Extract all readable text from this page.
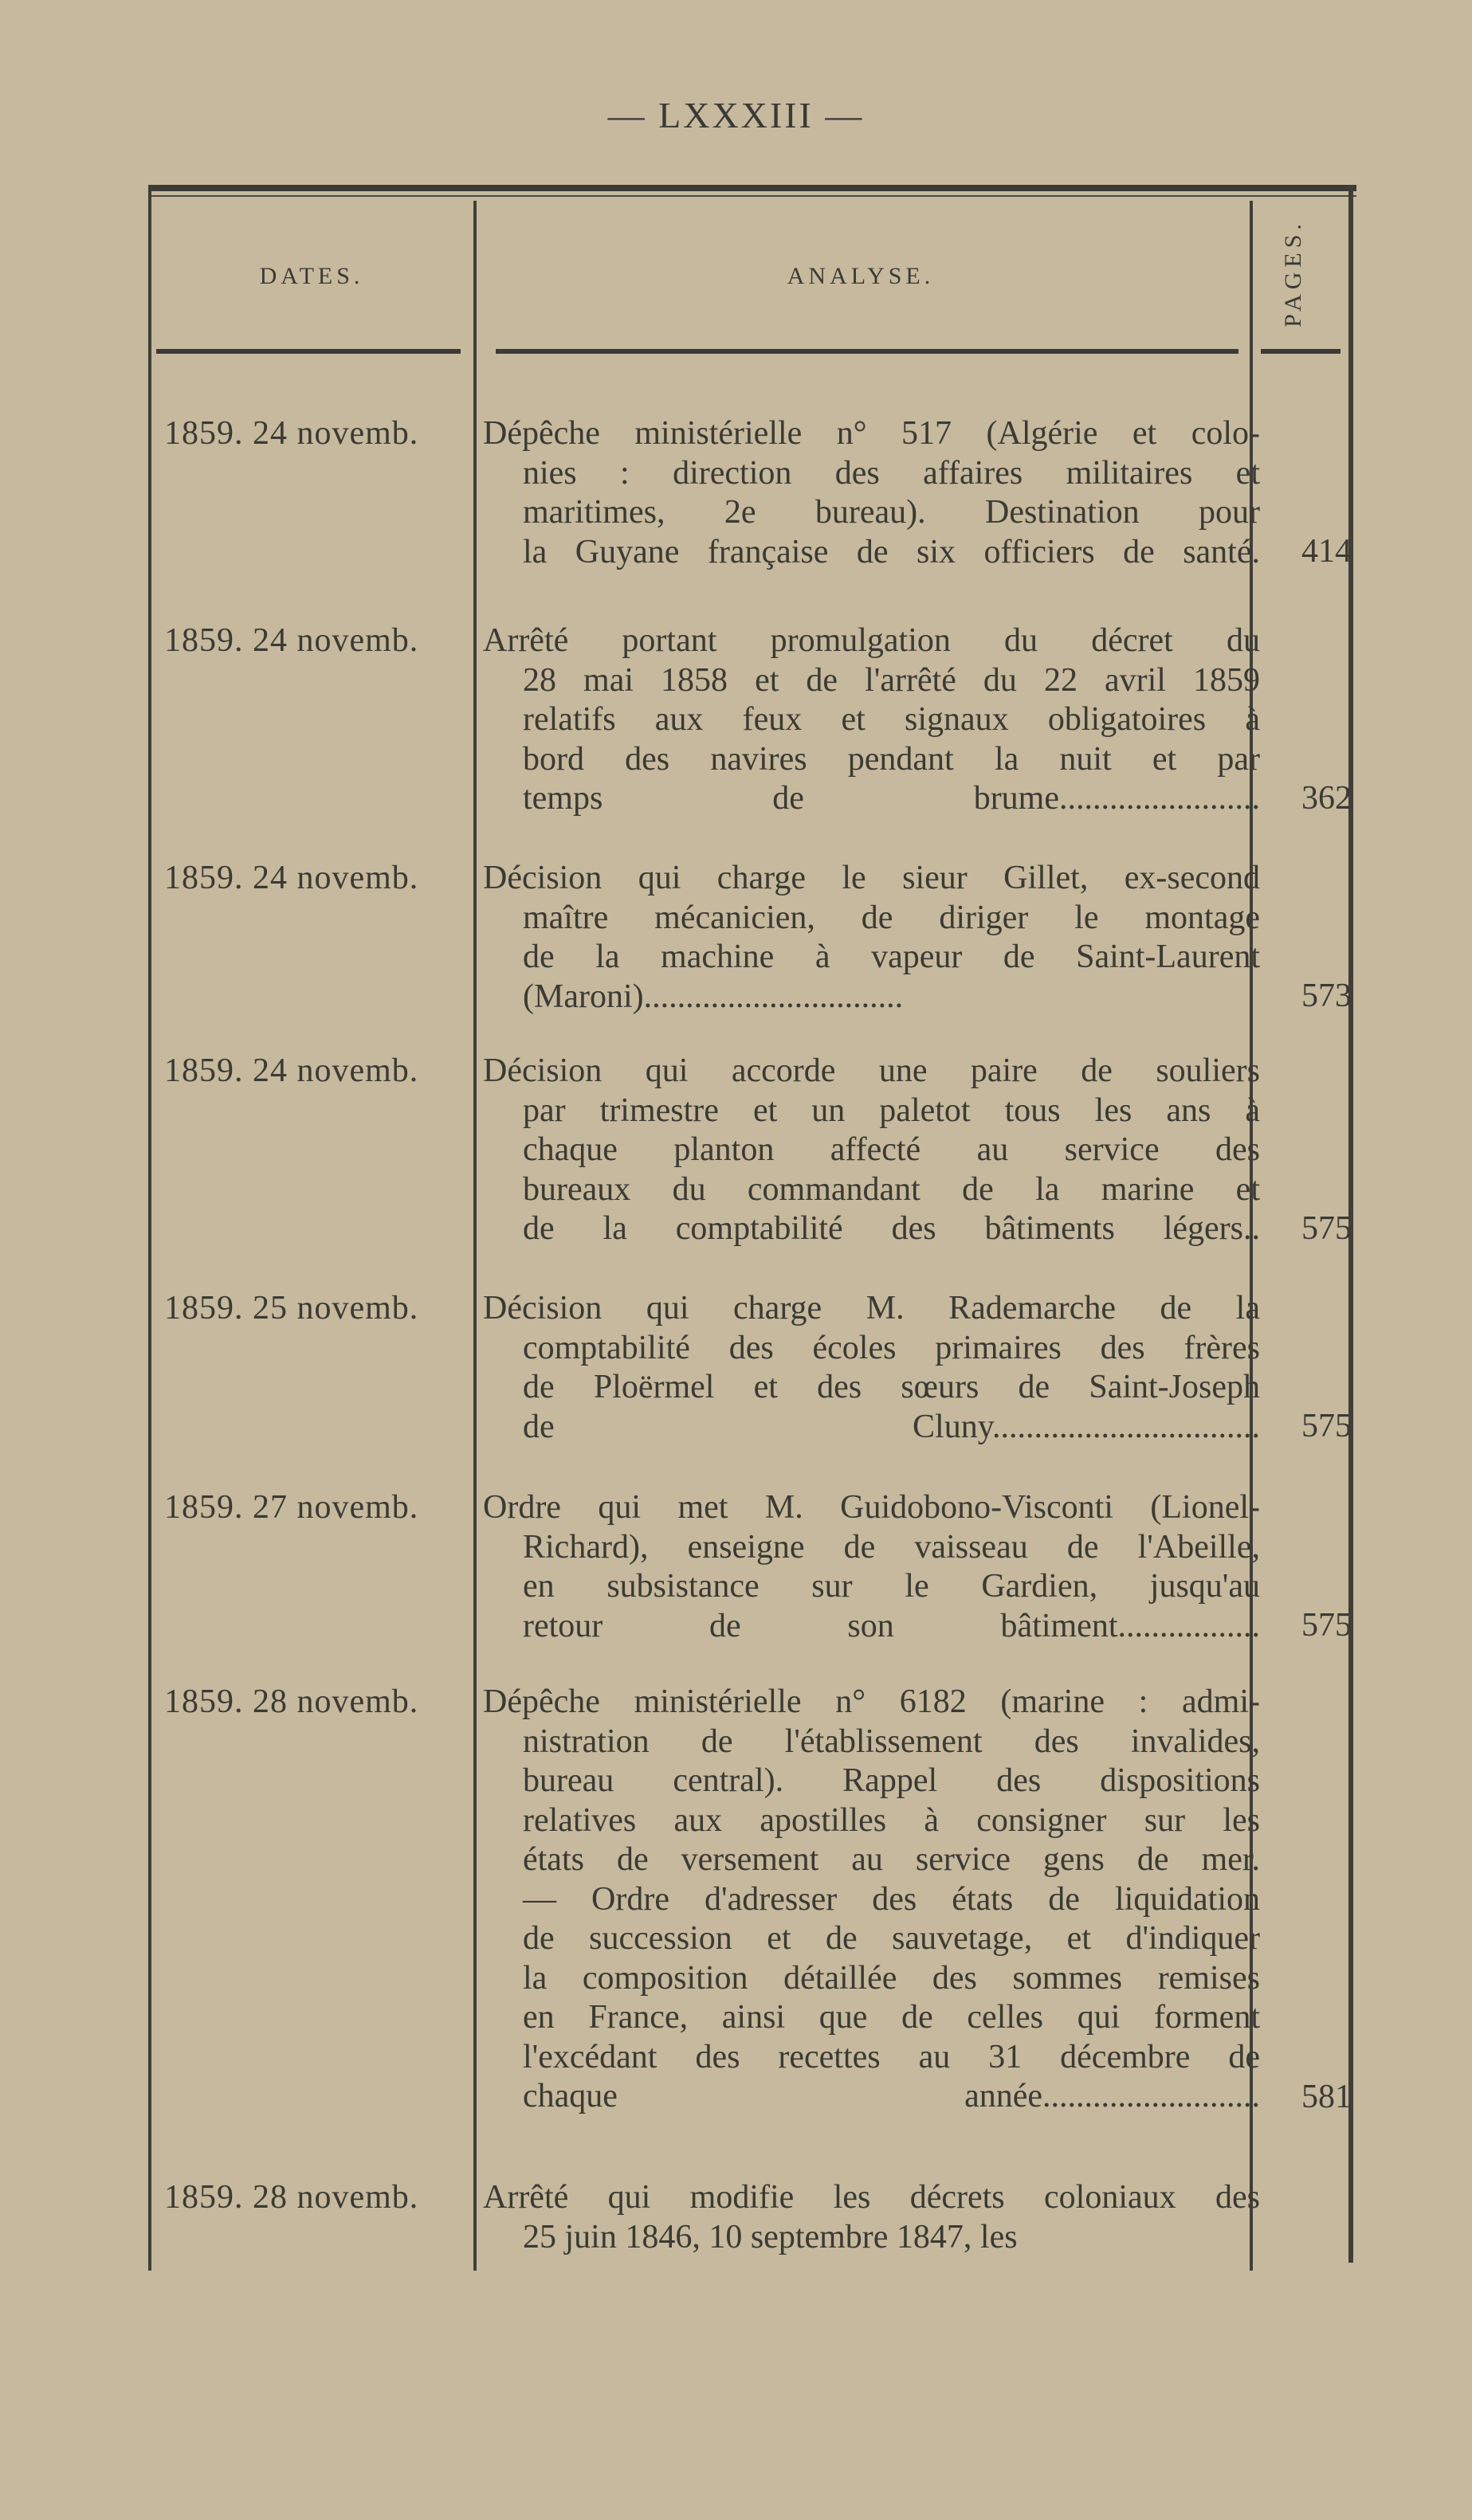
— LXXXIII —
DATES.	ANALYSE.	PAGES.
1859. 24 novemb. Dépêche ministérielle n° 517 (Algérie et colo-
nies : direction des affaires militaires et
maritimes, 2e bureau). Destination pour
la Guyane française de six officiers de santé.	414
1859. 24 novemb. Arrêté portant promulgation du décret du
28 mai 1858 et de l'arrêté du 22 avril 1859
relatifs aux feux et signaux obligatoires à
bord des navires pendant la nuit et par
temps de brume........................	362
1859. 24 novemb. Décision qui charge le sieur Gillet, ex-second
maître mécanicien, de diriger le montage
de la machine à vapeur de Saint-Laurent
(Maroni)...............................	573
1859. 24 novemb. Décision qui accorde une paire de souliers
par trimestre et un paletot tous les ans à
chaque planton affecté au service des
bureaux du commandant de la marine et
de la comptabilité des bâtiments légers..	575
1859. 25 novemb. Décision qui charge M. Rademarche de la
comptabilité des écoles primaires des frères
de Ploërmel et des sœurs de Saint-Joseph
de Cluny................................	575
1859. 27 novemb. Ordre qui met M. Guidobono-Visconti (Lionel-
Richard), enseigne de vaisseau de l'Abeille,
en subsistance sur le Gardien, jusqu'au
retour de son bâtiment.................	575
1859. 28 novemb. Dépêche ministérielle n° 6182 (marine : admi-
nistration de l'établissement des invalides,
bureau central). Rappel des dispositions
relatives aux apostilles à consigner sur les
états de versement au service gens de mer.
— Ordre d'adresser des états de liquidation
de succession et de sauvetage, et d'indiquer
la composition détaillée des sommes remises
en France, ainsi que de celles qui forment
l'excédant des recettes au 31 décembre de
chaque année..........................	581
1859. 28 novemb. Arrêté qui modifie les décrets coloniaux des
25 juin 1846, 10 septembre 1847, les
